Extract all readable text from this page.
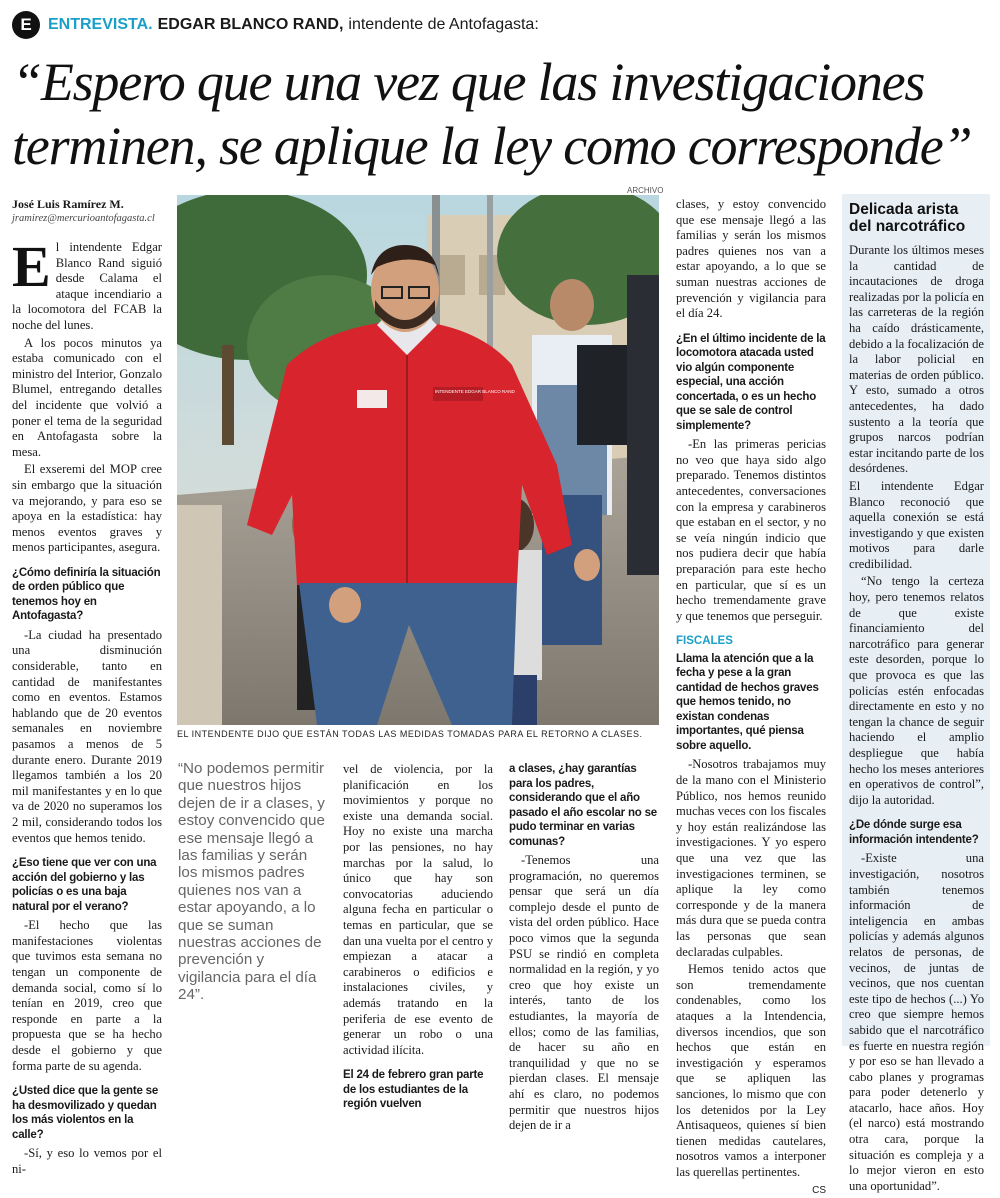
E	ENTREVISTA. EDGAR BLANCO RAND, intendente de Antofagasta:
“Espero que una vez que las investigaciones
terminen, se aplique la ley como corresponde”
ARCHIVO
José Luis Ramírez M.
jramirez@mercurioantofagasta.cl

El intendente Edgar Blanco Rand siguió desde Calama el ataque incendiario a la locomotora del FCAB la noche del lunes.

A los pocos minutos ya estaba comunicado con el ministro del Interior, Gonzalo Blumel, entregando detalles del incidente que volvió a poner el tema de la seguridad en Antofagasta sobre la mesa.

El exseremi del MOP cree sin embargo que la situación va mejorando, y para eso se apoya en la estadística: hay menos eventos graves y menos participantes, asegura.

¿Cómo definiría la situación de orden público que tenemos hoy en Antofagasta?

-La ciudad ha presentado una disminución considerable, tanto en cantidad de manifestantes como en eventos. Estamos hablando que de 20 eventos semanales en noviembre pasamos a menos de 5 durante enero. Durante 2019 llegamos también a los 20 mil manifestantes y en lo que va de 2020 no superamos los 2 mil, considerando todos los eventos que hemos tenido.

¿Eso tiene que ver con una acción del gobierno y las policías o es una baja natural por el verano?

-El hecho que las manifestaciones violentas que tuvimos esta semana no tengan un componente de demanda social, como sí lo tenían en 2019, creo que responde en parte a la propuesta que se ha hecho desde el gobierno y que forma parte de su agenda.

¿Usted dice que la gente se ha desmovilizado y quedan los más violentos en la calle?

-Sí, y eso lo vemos por el ni-

INTENDENTE EDGAR BLANCO RAND
EL INTENDENTE DIJO QUE ESTÁN TODAS LAS MEDIDAS TOMADAS PARA EL RETORNO A CLASES.
“No podemos permitir que nuestros hijos dejen de ir a clases, y estoy convencido que ese mensaje llegó a las familias y serán los mismos padres quienes nos van a estar apoyando, a lo que se suman nuestras acciones de prevención y vigilancia para el día 24”.

vel de violencia, por la planificación en los movimientos y porque no existe una demanda social. Hoy no existe una marcha por las pensiones, no hay marchas por la salud, lo único que hay son convocatorias aduciendo alguna fecha en particular o temas en particular, que se dan una vuelta por el centro y empiezan a atacar a carabineros o edificios e instalaciones civiles, y además tratando en la periferia de ese evento de generar un robo o una actividad ilícita.

El 24 de febrero gran parte de los estudiantes de la región vuelven

a clases, ¿hay garantías para los padres, considerando que el año pasado el año escolar no se pudo terminar en varias comunas?

-Tenemos una programación, no queremos pensar que será un día complejo desde el punto de vista del orden público. Hace poco vimos que la segunda PSU se rindió en completa normalidad en la región, y yo creo que hoy existe un interés, tanto de los estudiantes, la mayoría de ellos; como de las familias, de hacer su año en tranquilidad y que no se pierdan clases. El mensaje ahí es claro, no podemos permitir que nuestros hijos dejen de ir a

clases, y estoy convencido que ese mensaje llegó a las familias y serán los mismos padres quienes nos van a estar apoyando, a lo que se suman nuestras acciones de prevención y vigilancia para el día 24.

¿En el último incidente de la locomotora atacada usted vio algún componente especial, una acción concertada, o es un hecho que se sale de control simplemente?

-En las primeras pericias no veo que haya sido algo preparado. Tenemos distintos antecedentes, conversaciones con la empresa y carabineros que estaban en el sector, y no se veía ningún indicio que nos pudiera decir que había preparación para este hecho en particular, que sí es un hecho tremendamente grave y que tenemos que perseguir.

FISCALES

Llama la atención que a la fecha y pese a la gran cantidad de hechos graves que hemos tenido, no existan condenas importantes, qué piensa sobre aquello.

-Nosotros trabajamos muy de la mano con el Ministerio Público, nos hemos reunido muchas veces con los fiscales y hoy están realizándose las investigaciones. Y yo espero que una vez que las investigaciones terminen, se aplique la ley como corresponde y de la manera más dura que se pueda contra las personas que sean declaradas culpables.

Hemos tenido actos que son tremendamente condenables, como los ataques a la Intendencia, diversos incendios, que son hechos que están en investigación y esperamos que se apliquen las sanciones, lo mismo que con los detenidos por la Ley Antisaqueos, quienes sí bien tienen medidas cautelares, nosotros vamos a interponer las querellas pertinentes.

CS
Delicada arista del narcotráfico

Durante los últimos meses la cantidad de incautaciones de droga realizadas por la policía en las carreteras de la región ha caído drásticamente, debido a la focalización de la labor policial en materias de orden público. Y esto, sumado a otros antecedentes, ha dado sustento a la teoría que grupos narcos podrían estar incitando parte de los desórdenes.

El intendente Edgar Blanco reconoció que aquella conexión se está investigando y que existen motivos para darle credibilidad.

“No tengo la certeza hoy, pero tenemos relatos de que existe financiamiento del narcotráfico para generar este desorden, porque lo que provoca es que las policías estén enfocadas directamente en esto y no tengan la chance de seguir haciendo el amplio despliegue que había hecho los meses anteriores en operativos de control”, dijo la autoridad.

¿De dónde surge esa información intendente?

-Existe una investigación, nosotros también tenemos información de inteligencia en ambas policías y además algunos relatos de personas, de vecinos, de juntas de vecinos, que nos cuentan este tipo de hechos (...) Yo creo que siempre hemos sabido que el narcotráfico es fuerte en nuestra región y por eso se han llevado a cabo planes y programas para poder detenerlo y atacarlo, hace años. Hoy (el narco) está mostrando otra cara, porque la situación es compleja y a lo mejor vieron en esto una oportunidad”.
